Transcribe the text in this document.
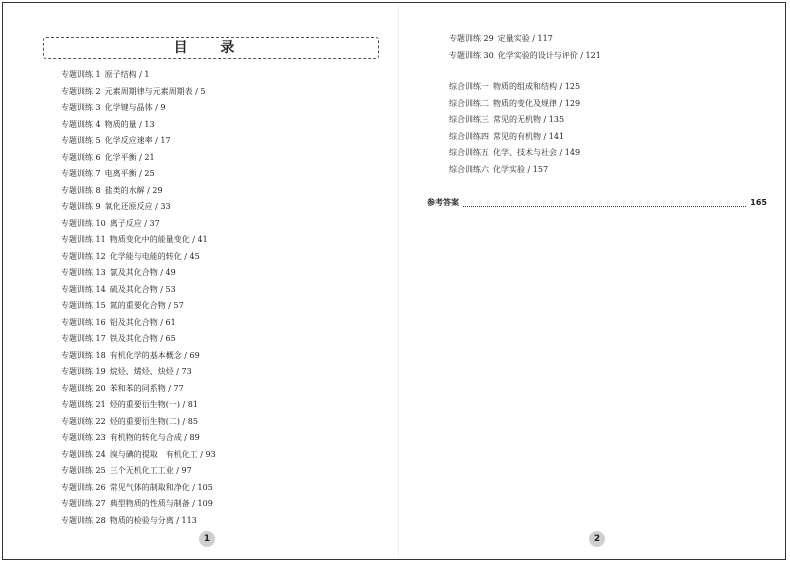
目 录
专题训练 1 原子结构 / 1
专题训练 2 元素周期律与元素周期表 / 5
专题训练 3 化学键与晶体 / 9
专题训练 4 物质的量 / 13
专题训练 5 化学反应速率 / 17
专题训练 6 化学平衡 / 21
专题训练 7 电离平衡 / 25
专题训练 8 盐类的水解 / 29
专题训练 9 氧化还原反应 / 33
专题训练 10 离子反应 / 37
专题训练 11 物质变化中的能量变化 / 41
专题训练 12 化学能与电能的转化 / 45
专题训练 13 氯及其化合物 / 49
专题训练 14 硫及其化合物 / 53
专题训练 15 氮的重要化合物 / 57
专题训练 16 铝及其化合物 / 61
专题训练 17 铁及其化合物 / 65
专题训练 18 有机化学的基本概念 / 69
专题训练 19 烷烃、烯烃、炔烃 / 73
专题训练 20 苯和苯的同系物 / 77
专题训练 21 烃的重要衍生物(一) / 81
专题训练 22 烃的重要衍生物(二) / 85
专题训练 23 有机物的转化与合成 / 89
专题训练 24 溴与碘的提取　有机化工 / 93
专题训练 25 三个无机化工工业 / 97
专题训练 26 常见气体的制取和净化 / 105
专题训练 27 典型物质的性质与制备 / 109
专题训练 28 物质的检验与分离 / 113
专题训练 29 定量实验 / 117
专题训练 30 化学实验的设计与评价 / 121
综合训练一 物质的组成和结构 / 125
综合训练二 物质的变化及规律 / 129
综合训练三 常见的无机物 / 135
综合训练四 常见的有机物 / 141
综合训练五 化学、技术与社会 / 149
综合训练六 化学实验 / 157
参考答案	165
1	2
